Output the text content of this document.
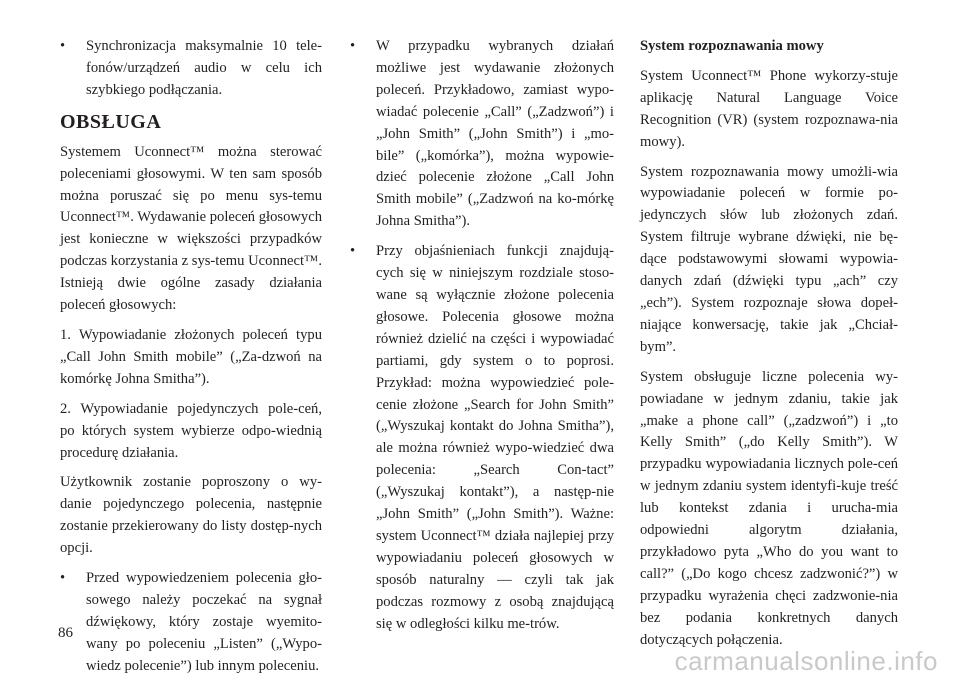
•	Synchronizacja maksymalnie 10 tele-fonów/urządzeń audio w celu ich szybkiego podłączania.
OBSŁUGA

Systemem Uconnect™ można sterować poleceniami głosowymi. W ten sam sposób można poruszać się po menu sys-temu Uconnect™. Wydawanie poleceń głosowych jest konieczne w większości przypadków podczas korzystania z sys-temu Uconnect™. Istnieją dwie ogólne zasady działania poleceń głosowych:

1. Wypowiadanie złożonych poleceń typu „Call John Smith mobile” („Za-dzwoń na komórkę Johna Smitha”).

2. Wypowiadanie pojedynczych pole-ceń, po których system wybierze odpo-wiednią procedurę działania.

Użytkownik zostanie poproszony o wy-danie pojedynczego polecenia, następnie zostanie przekierowany do listy dostęp-nych opcji.

•	Przed wypowiedzeniem polecenia gło-sowego należy poczekać na sygnał dźwiękowy, który zostaje wyemito-wany po poleceniu „Listen” („Wypo-wiedz polecenie”) lub innym poleceniu.
•	W przypadku wybranych działań możliwe jest wydawanie złożonych poleceń. Przykładowo, zamiast wypo-wiadać polecenie „Call” („Zadzwoń”) i „John Smith” („John Smith”) i „mo-bile” („komórka”), można wypowie-dzieć polecenie złożone „Call John Smith mobile” („Zadzwoń na ko-mórkę Johna Smitha”).
•	Przy objaśnieniach funkcji znajdują-cych się w niniejszym rozdziale stoso-wane są wyłącznie złożone polecenia głosowe. Polecenia głosowe można również dzielić na części i wypowiadać partiami, gdy system o to poprosi. Przykład: można wypowiedzieć pole-cenie złożone „Search for John Smith” („Wyszukaj kontakt do Johna Smitha”), ale można również wypo-wiedzieć dwa polecenia: „Search Con-tact” („Wyszukaj kontakt”), a następ-nie „John Smith” („John Smith”). Ważne: system Uconnect™ działa najlepiej przy wypowiadaniu poleceń głosowych w sposób naturalny — czyli tak jak podczas rozmowy z osobą znajdującą się w odległości kilku me-trów.
System rozpoznawania mowy

System Uconnect™ Phone wykorzy-stuje aplikację Natural Language Voice Recognition (VR) (system rozpoznawa-nia mowy).

System rozpoznawania mowy umożli-wia wypowiadanie poleceń w formie po-jedynczych słów lub złożonych zdań. System filtruje wybrane dźwięki, nie bę-dące podstawowymi słowami wypowia-danych zdań (dźwięki typu „ach” czy „ech”). System rozpoznaje słowa dopeł-niające konwersację, takie jak „Chciał-bym”.

System obsługuje liczne polecenia wy-powiadane w jednym zdaniu, takie jak „make a phone call” („zadzwoń”) i „to Kelly Smith” („do Kelly Smith”). W przypadku wypowiadania licznych pole-ceń w jednym zdaniu system identyfi-kuje treść lub kontekst zdania i urucha-mia odpowiedni algorytm działania, przykładowo pyta „Who do you want to call?” („Do kogo chcesz zadzwonić?”) w przypadku wyrażenia chęci zadzwonie-nia bez podania konkretnych danych dotyczących połączenia.

86
carmanualsonline.info
